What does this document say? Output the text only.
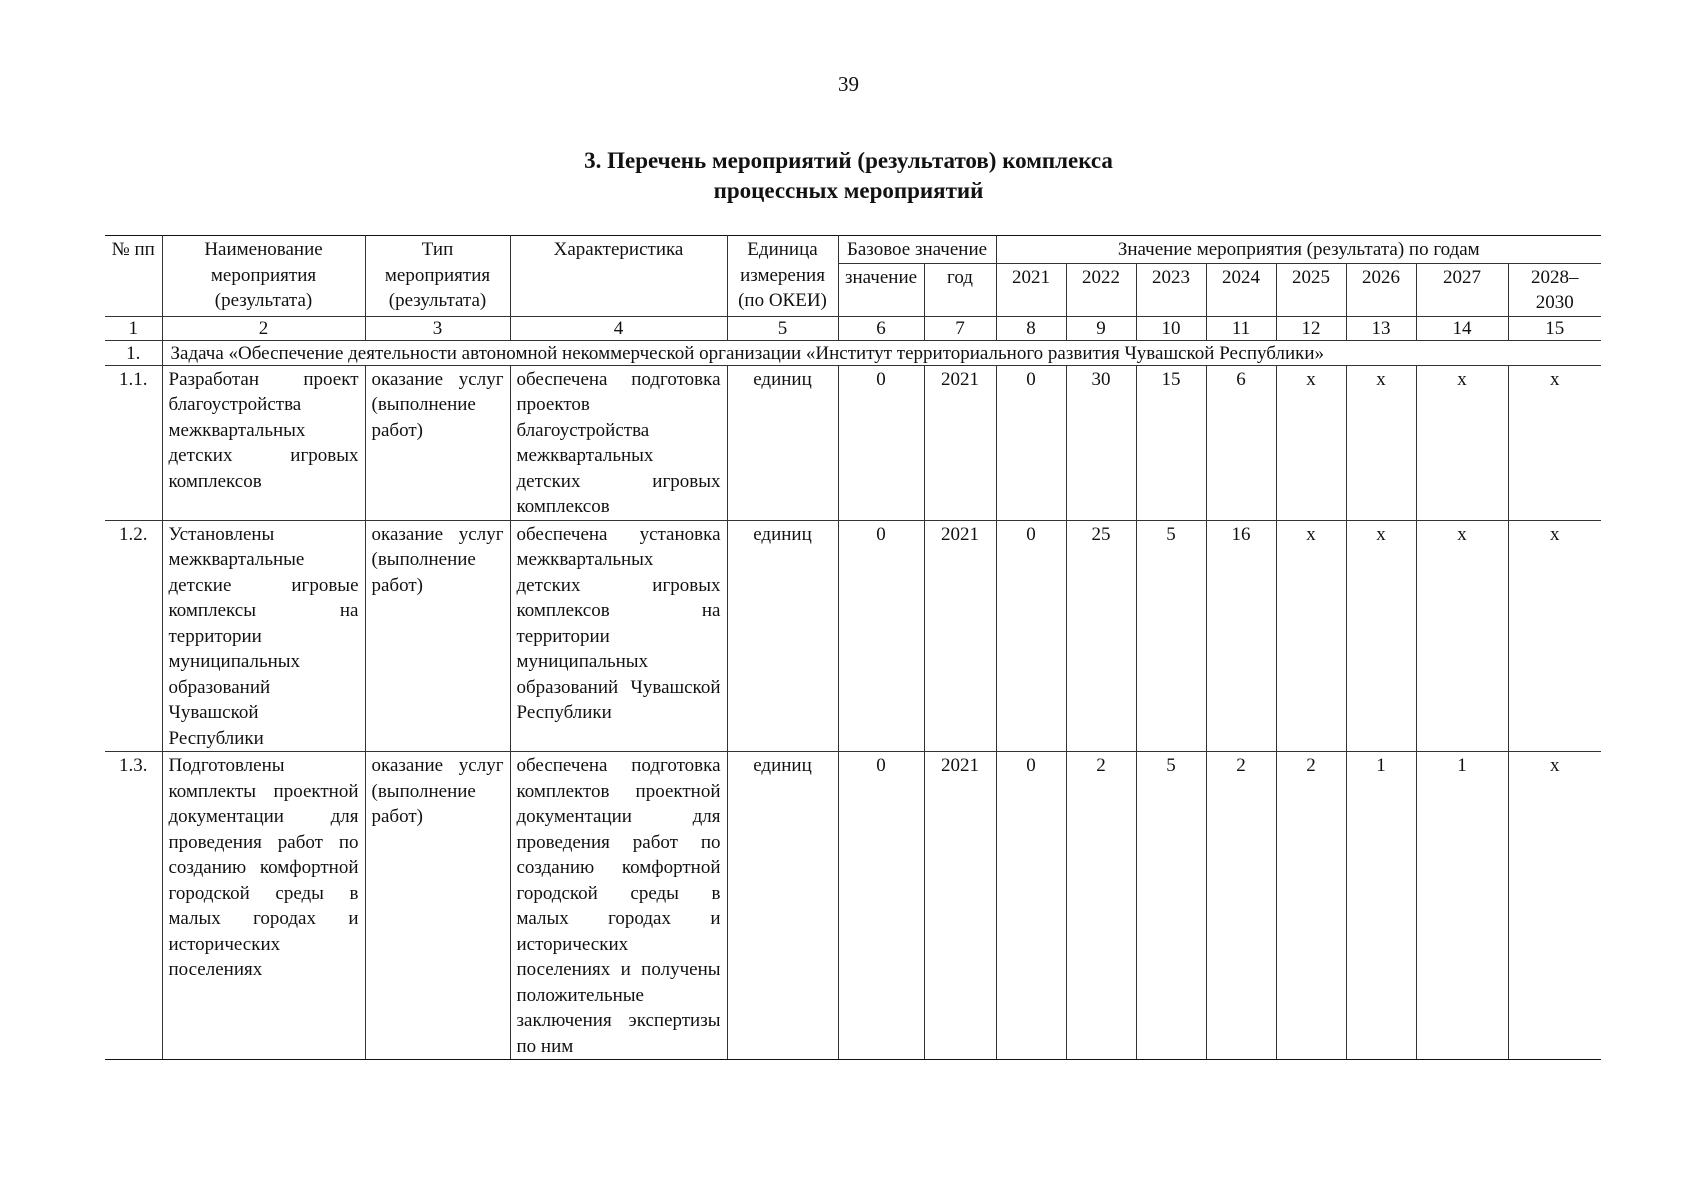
39
3. Перечень мероприятий (результатов) комплекса
процессных мероприятий
№ пп	Наименование мероприятия (результата)	Тип мероприятия (результата)	Характеристика	Единица измерения (по ОКЕИ)	Базовое значение		Значение мероприятия (результата) по годам							
					значение	год	2021	2022	2023	2024	2025	2026	2027	2028–2030
1	2	3	4	5	6	7	8	9	10	11	12	13	14	15
1.	Задача «Обеспечение деятельности автономной некоммерческой организации «Институт территориального развития Чувашской Республики»													
1.1.	Разработан проект благоустройства межквартальных детских игровых комплексов	оказание услуг (выполнение работ)	обеспечена подготовка проектов благоустройства межквартальных детских игровых комплексов	единиц	0	2021	0	30	15	6	х	х	х	х
1.2.	Установлены межквартальные детские игровые комплексы на территории муниципальных образований Чувашской Республики	оказание услуг (выполнение работ)	обеспечена установка межквартальных детских игровых комплексов на территории муниципальных образований Чувашской Республики	единиц	0	2021	0	25	5	16	х	х	х	х
1.3.	Подготовлены комплекты проектной документации для проведения работ по созданию комфортной городской среды в малых городах и исторических поселениях	оказание услуг (выполнение работ)	обеспечена подготовка комплектов проектной документации для проведения работ по созданию комфортной городской среды в малых городах и исторических поселениях и получены положительные заключения экспертизы по ним	единиц	0	2021	0	2	5	2	2	1	1	х
